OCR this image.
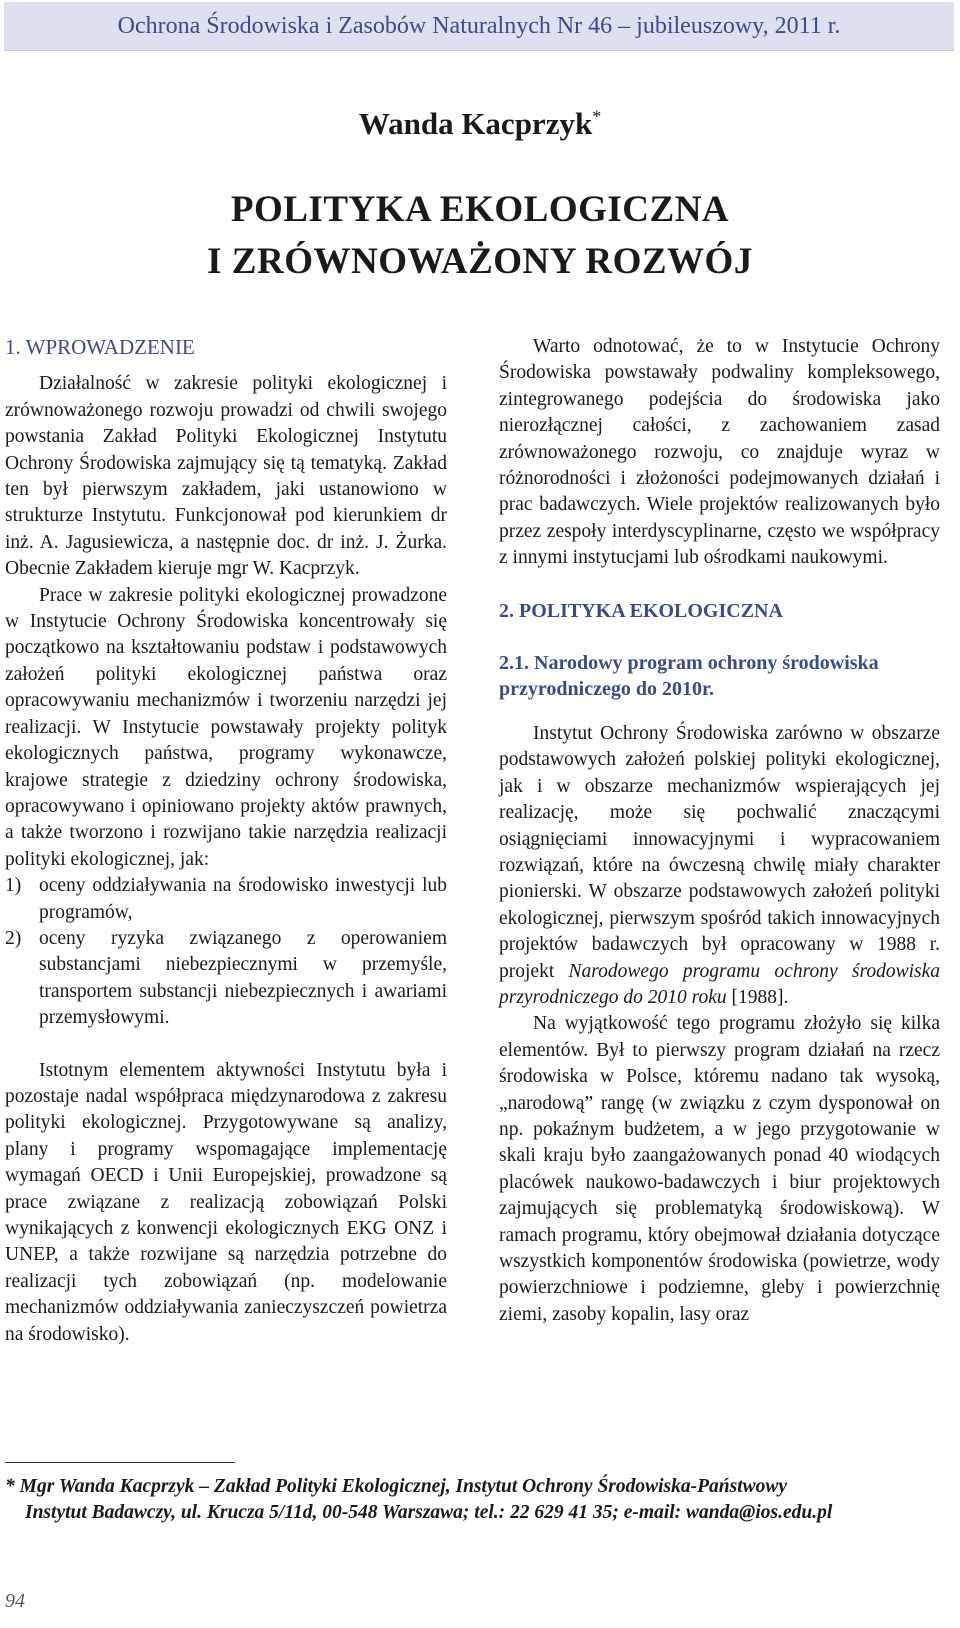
Ochrona Środowiska i Zasobów Naturalnych Nr 46 – jubileuszowy, 2011 r.
Wanda Kacprzyk*
POLITYKA EKOLOGICZNA
I ZRÓWNOWAŻONY ROZWÓJ

1. WPROWADZENIE

Działalność w zakresie polityki ekologicznej i zrównoważonego rozwoju prowadzi od chwili swojego powstania Zakład Polityki Ekologicznej Instytutu Ochrony Środowiska zajmujący się tą tematyką. Zakład ten był pierwszym zakładem, jaki ustanowiono w strukturze Instytutu. Funkcjonował pod kierunkiem dr inż. A. Jagusiewicza, a następnie doc. dr inż. J. Żurka. Obecnie Zakładem kieruje mgr W. Kacprzyk.

Prace w zakresie polityki ekologicznej prowadzone w Instytucie Ochrony Środowiska koncentrowały się początkowo na kształtowaniu podstaw i podstawowych założeń polityki ekologicznej państwa oraz opracowywaniu mechanizmów i tworzeniu narzędzi jej realizacji. W Instytucie powstawały projekty polityk ekologicznych państwa, programy wykonawcze, krajowe strategie z dziedziny ochrony środowiska, opracowywano i opiniowano projekty aktów prawnych, a także tworzono i rozwijano takie narzędzia realizacji polityki ekologicznej, jak:

1) oceny oddziaływania na środowisko inwestycji lub programów,
2) oceny ryzyka związanego z operowaniem substancjami niebezpiecznymi w przemyśle, transportem substancji niebezpiecznych i awariami przemysłowymi.

Istotnym elementem aktywności Instytutu była i pozostaje nadal współpraca międzynarodowa z zakresu polityki ekologicznej. Przygotowywane są analizy, plany i programy wspomagające implementację wymagań OECD i Unii Europejskiej, prowadzone są prace związane z realizacją zobowiązań Polski wynikających z konwencji ekologicznych EKG ONZ i UNEP, a także rozwijane są narzędzia potrzebne do realizacji tych zobowiązań (np. modelowanie mechanizmów oddziaływania zanieczyszczeń powietrza na środowisko).

Warto odnotować, że to w Instytucie Ochrony Środowiska powstawały podwaliny kompleksowego, zintegrowanego podejścia do środowiska jako nierozłącznej całości, z zachowaniem zasad zrównoważonego rozwoju, co znajduje wyraz w różnorodności i złożoności podejmowanych działań i prac badawczych. Wiele projektów realizowanych było przez zespoły interdyscyplinarne, często we współpracy z innymi instytucjami lub ośrodkami naukowymi.

2. POLITYKA EKOLOGICZNA

2.1. Narodowy program ochrony środowiska przyrodniczego do 2010r.

Instytut Ochrony Środowiska zarówno w obszarze podstawowych założeń polskiej polityki ekologicznej, jak i w obszarze mechanizmów wspierających jej realizację, może się pochwalić znaczącymi osiągnięciami innowacyjnymi i wypracowaniem rozwiązań, które na ówczesną chwilę miały charakter pionierski. W obszarze podstawowych założeń polityki ekologicznej, pierwszym spośród takich innowacyjnych projektów badawczych był opracowany w 1988 r. projekt Narodowego programu ochrony środowiska przyrodniczego do 2010 roku [1988].

Na wyjątkowość tego programu złożyło się kilka elementów. Był to pierwszy program działań na rzecz środowiska w Polsce, któremu nadano tak wysoką, „narodową” rangę (w związku z czym dysponował on np. pokaźnym budżetem, a w jego przygotowanie w skali kraju było zaangażowanych ponad 40 wiodących placówek naukowo-badawczych i biur projektowych zajmujących się problematyką środowiskową). W ramach programu, który obejmował działania dotyczące wszystkich komponentów środowiska (powietrze, wody powierzchniowe i podziemne, gleby i powierzchnię ziemi, zasoby kopalin, lasy oraz

* Mgr Wanda Kacprzyk – Zakład Polityki Ekologicznej, Instytut Ochrony Środowiska-Państwowy
Instytut Badawczy, ul. Krucza 5/11d, 00-548 Warszawa; tel.: 22 629 41 35; e-mail: wanda@ios.edu.pl
94
